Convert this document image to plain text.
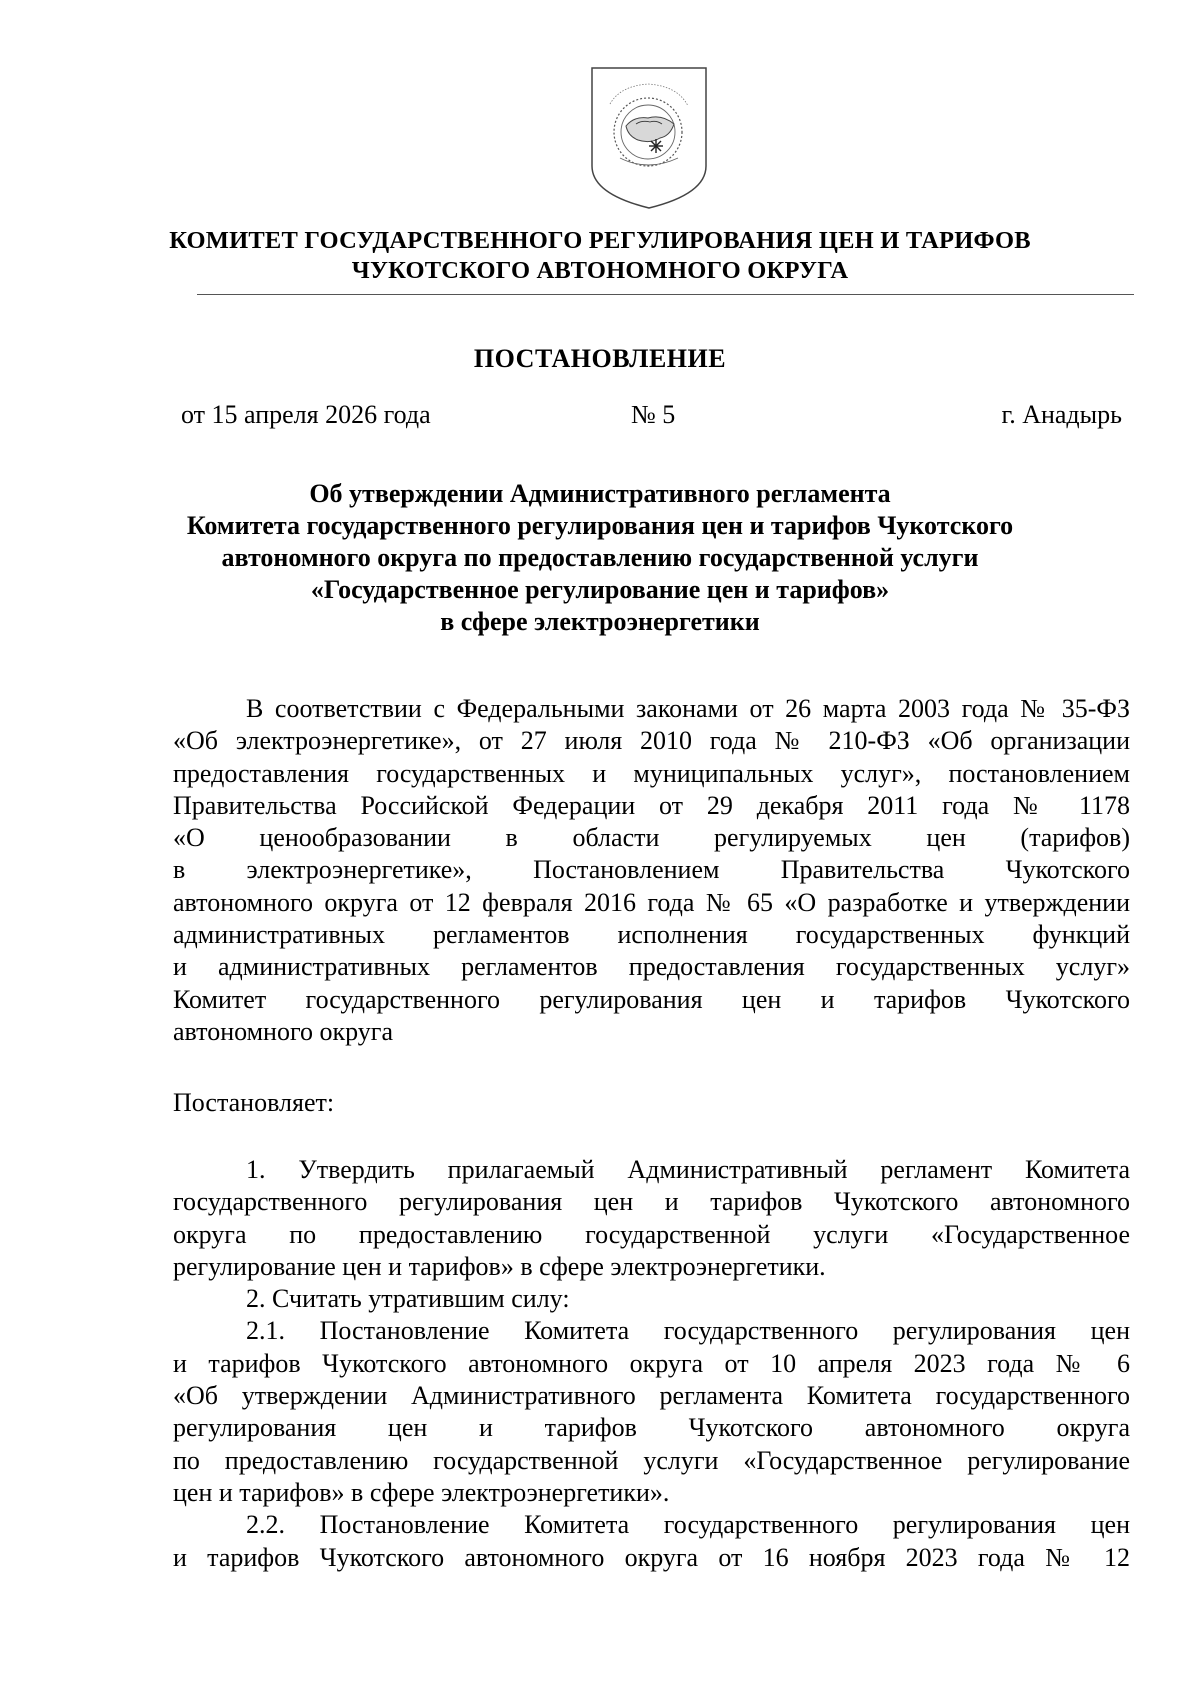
КОМИТЕТ ГОСУДАРСТВЕННОГО РЕГУЛИРОВАНИЯ ЦЕН И ТАРИФОВ
ЧУКОТСКОГО АВТОНОМНОГО ОКРУГА
ПОСТАНОВЛЕНИЕ
от 15 апреля 2026 года	№ 5	г. Анадырь
Об утверждении Административного регламента
Комитета государственного регулирования цен и тарифов Чукотского
автономного округа по предоставлению государственной услуги
«Государственное регулирование цен и тарифов»
в сфере электроэнергетики
В соответствии с Федеральными законами от 26 марта 2003 года № 35-ФЗ
«Об электроэнергетике», от 27 июля 2010 года № 210-ФЗ «Об организации
предоставления государственных и муниципальных услуг», постановлением
Правительства Российской Федерации от 29 декабря 2011 года № 1178
«О ценообразовании в области регулируемых цен (тарифов)
в электроэнергетике», Постановлением Правительства Чукотского
автономного округа от 12 февраля 2016 года № 65 «О разработке и утверждении
административных регламентов исполнения государственных функций
и административных регламентов предоставления государственных услуг»
Комитет государственного регулирования цен и тарифов Чукотского
автономного округа
Постановляет:
1. Утвердить прилагаемый Административный регламент Комитета
государственного регулирования цен и тарифов Чукотского автономного
округа по предоставлению государственной услуги «Государственное
регулирование цен и тарифов» в сфере электроэнергетики.
2. Считать утратившим силу:
2.1. Постановление Комитета государственного регулирования цен
и тарифов Чукотского автономного округа от 10 апреля 2023 года № 6
«Об утверждении Административного регламента Комитета государственного
регулирования цен и тарифов Чукотского автономного округа
по предоставлению государственной услуги «Государственное регулирование
цен и тарифов» в сфере электроэнергетики».
2.2. Постановление Комитета государственного регулирования цен
и тарифов Чукотского автономного округа от 16 ноября 2023 года № 12
